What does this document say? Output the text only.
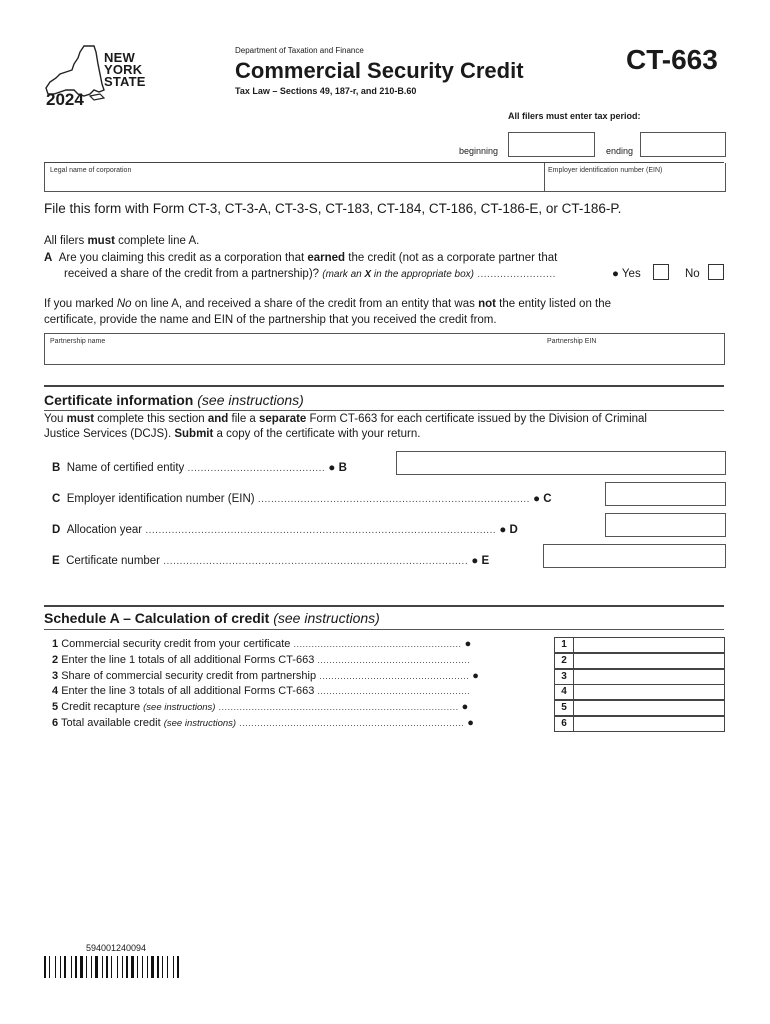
NEW
YORK
STATE
2024
Department of Taxation and Finance
Commercial Security Credit
Tax Law – Sections 49, 187-r, and 210-B.60
CT-663
All filers must enter tax period:
beginning	ending
Legal name of corporation	Employer identification number (EIN)
File this form with Form CT-3, CT-3-A, CT-3-S, CT-183, CT-184, CT-186, CT-186-E, or CT-186-P.
All filers must complete line A.
A Are you claiming this credit as a corporation that earned the credit (not as a corporate partner that
received a share of the credit from a partnership)? (mark an X in the appropriate box) ........................	● Yes	No
If you marked No on line A, and received a share of the credit from an entity that was not the entity listed on the
certificate, provide the name and EIN of the partnership that you received the credit from.
Partnership name	Partnership EIN
Certificate information (see instructions)
You must complete this section and file a separate Form CT-663 for each certificate issued by the Division of Criminal
Justice Services (DCJS). Submit a copy of the certificate with your return.
B Name of certified entity .......................................... ● B
C Employer identification number (EIN) ................................................................................... ● C
D Allocation year ........................................................................................................... ● D
E Certificate number ............................................................................................. ● E
Schedule A – Calculation of credit (see instructions)
1 Commercial security credit from your certificate ........................................................ ●
2 Enter the line 1 totals of all additional Forms CT-663 ...................................................
3 Share of commercial security credit from partnership .................................................. ●
4 Enter the line 3 totals of all additional Forms CT-663 ...................................................
5 Credit recapture (see instructions) ................................................................................ ●
6 Total available credit (see instructions) ........................................................................... ●
1
2
3
4
5
6
594001240094
